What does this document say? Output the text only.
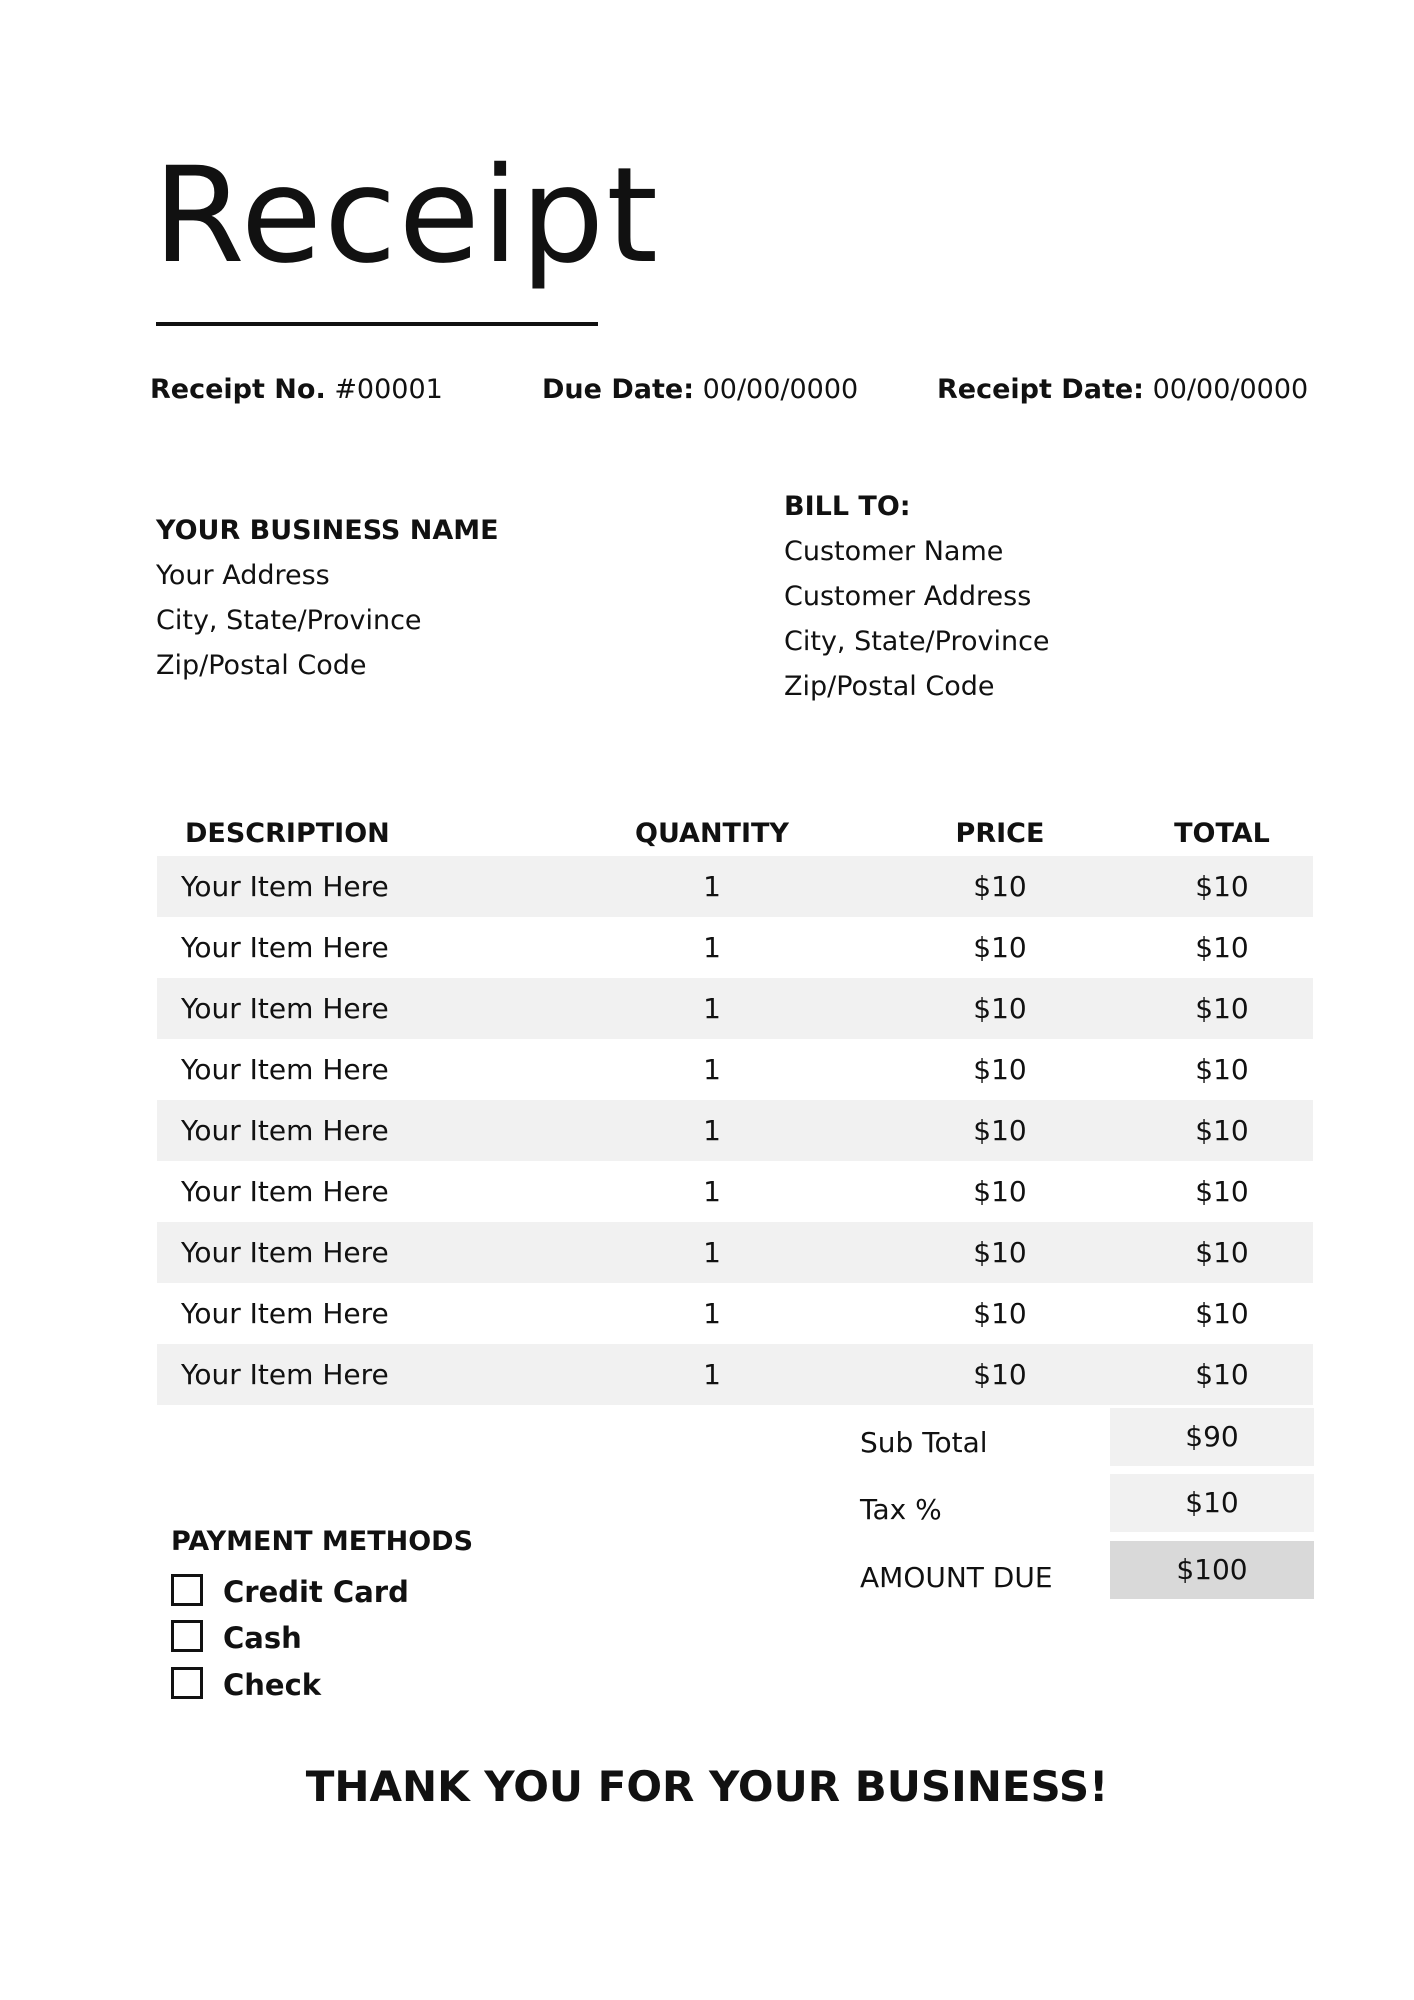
Receipt
Receipt No. #00001	Due Date: 00/00/0000	Receipt Date: 00/00/0000
YOUR BUSINESS NAME
Your Address
City, State/Province
Zip/Postal Code
BILL TO:
Customer Name
Customer Address
City, State/Province
Zip/Postal Code
DESCRIPTION	QUANTITY	PRICE	TOTAL
Your Item Here	1	$10	$10
Your Item Here	1	$10	$10
Your Item Here	1	$10	$10
Your Item Here	1	$10	$10
Your Item Here	1	$10	$10
Your Item Here	1	$10	$10
Your Item Here	1	$10	$10
Your Item Here	1	$10	$10
Your Item Here	1	$10	$10
Sub Total	$90
Tax %	$10
AMOUNT DUE	$100
PAYMENT METHODS
Credit Card
Cash
Check
THANK YOU FOR YOUR BUSINESS!
